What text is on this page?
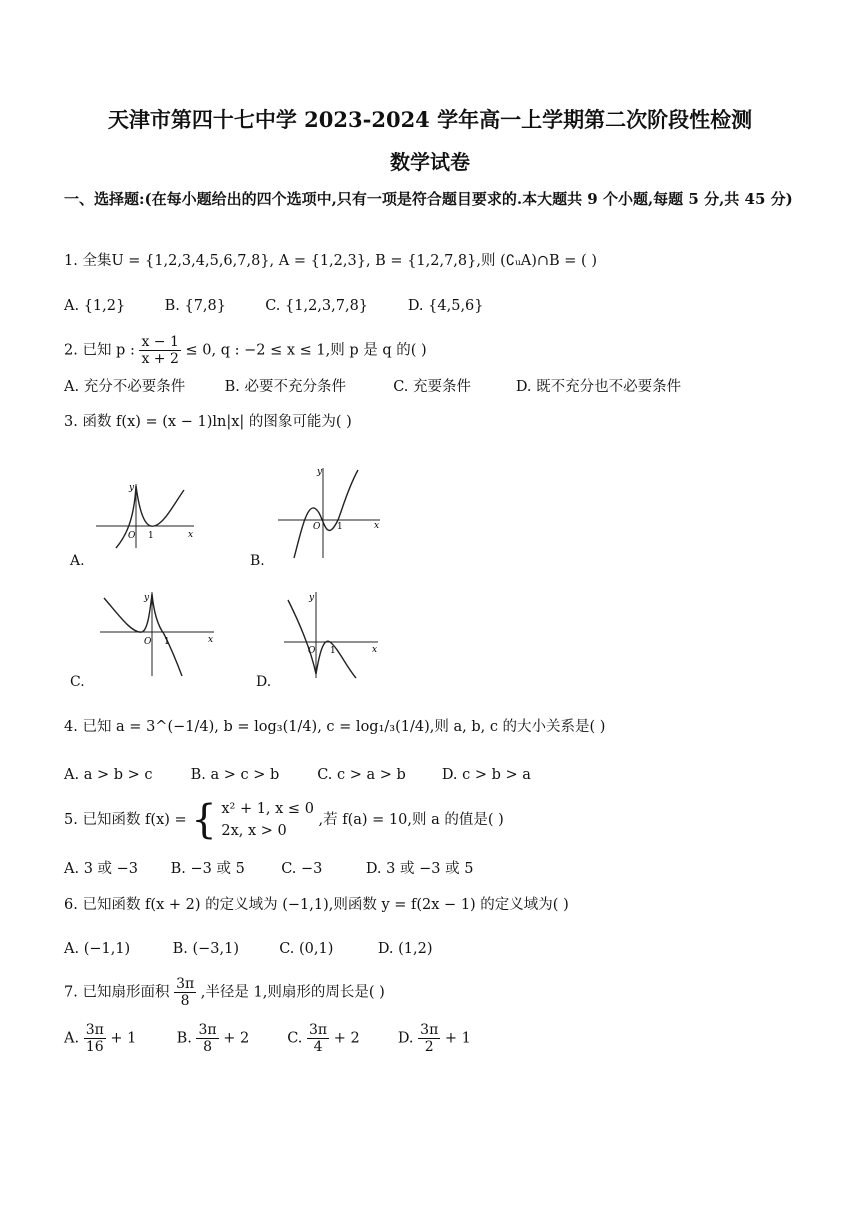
天津市第四十七中学 2023-2024 学年高一上学期第二次阶段性检测
数学试卷
一、选择题:(在每小题给出的四个选项中,只有一项是符合题目要求的.本大题共 9 个小题,每题 5 分,共 45 分)
1. 全集U = {1,2,3,4,5,6,7,8}, A = {1,2,3}, B = {1,2,7,8},则 (∁ᵤA)∩B = ( )
A. {1,2}	B. {7,8}	C. {1,2,3,7,8}	D. {4,5,6}
2. 已知 p : $\frac{x - 1}{x + 2} \le 0$, q : −2 ≤ x ≤ 1,则 p 是 q 的( )
A. 充分不必要条件	B. 必要不充分条件	C. 充要条件	D. 既不充分也不必要条件
3. 函数 f(x) = (x − 1)ln|x| 的图象可能为( )
O 1	x
y
A.
O 1	x
y
B.
O 1	x
y
C.
O 1	x
y
D.
4. 已知 a = 3^(−1/4), b = log₃(1/4), c = log₁/₃(1/4),则 a, b, c 的大小关系是( )
A. a > b > c	B. a > c > b	C. c > a > b D. c > b > a
5. 已知函数 f(x) = { x² + 1, x ≤ 0
2x, x > 0
,若 f(a) = 10,则 a 的值是( )
A. 3 或 −3 B. −3 或 5	C. −3	D. 3 或 −3 或 5
6. 已知函数 f(x + 2) 的定义域为 (−1,1),则函数 y = f(2x − 1) 的定义域为( )
A. (−1,1)	B. (−3,1)	C. (0,1)	D. (1,2)
7. 已知扇形面积 $\frac{3\pi}{8}$ ,半径是 1,则扇形的周长是( )
A. $\frac{3\pi}{16} + 1$	B. $\frac{3\pi}{8} + 2$	C. $\frac{3\pi}{4} + 2$	D. $\frac{3\pi}{2} + 1$
